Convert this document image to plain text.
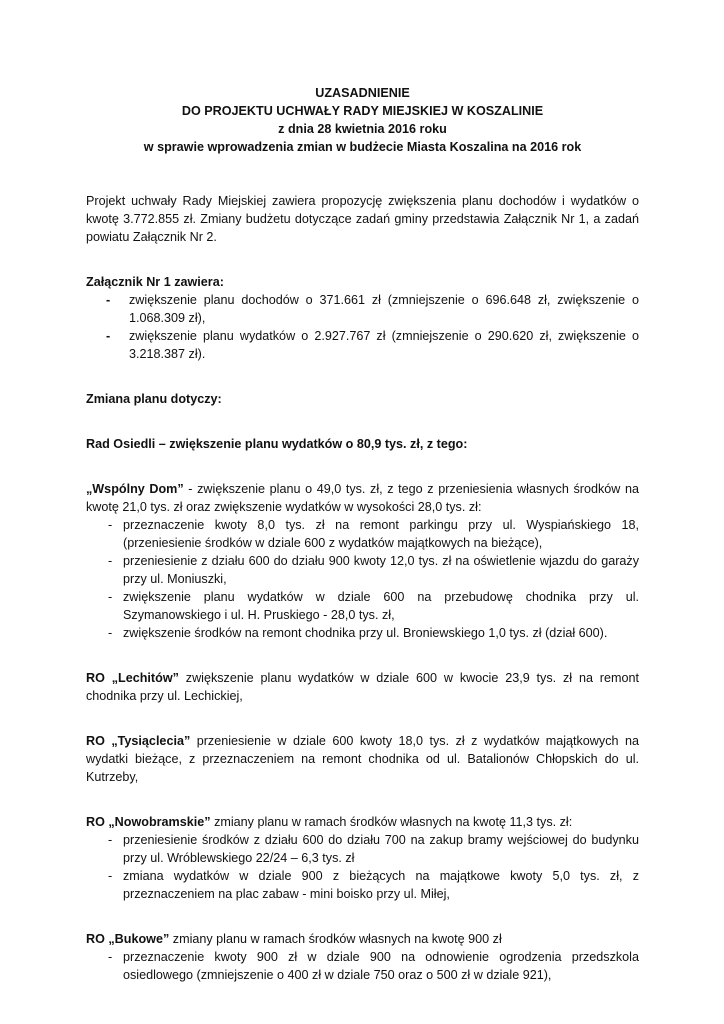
UZASADNIENIE
DO PROJEKTU UCHWAŁY RADY MIEJSKIEJ W KOSZALINIE
z dnia 28 kwietnia 2016 roku
w sprawie wprowadzenia zmian w budżecie Miasta Koszalina na 2016 rok

Projekt uchwały Rady Miejskiej zawiera propozycję zwiększenia planu dochodów i wydatków o kwotę 3.772.855 zł. Zmiany budżetu dotyczące zadań gminy przedstawia Załącznik Nr 1, a zadań powiatu Załącznik Nr 2.

Załącznik Nr 1 zawiera:

- zwiększenie planu dochodów o 371.661 zł (zmniejszenie o 696.648 zł, zwiększenie o 1.068.309 zł),
- zwiększenie planu wydatków o 2.927.767 zł (zmniejszenie o 290.620 zł, zwiększenie o 3.218.387 zł).

Zmiana planu dotyczy:

Rad Osiedli – zwiększenie planu wydatków o 80,9 tys. zł, z tego:

„Wspólny Dom” - zwiększenie planu o 49,0 tys. zł, z tego z przeniesienia własnych środków na kwotę 21,0 tys. zł oraz zwiększenie wydatków w wysokości 28,0 tys. zł:

- przeznaczenie kwoty 8,0 tys. zł na remont parkingu przy ul. Wyspiańskiego 18, (przeniesienie środków w dziale 600 z wydatków majątkowych na bieżące),
- przeniesienie z działu 600 do działu 900 kwoty 12,0 tys. zł na oświetlenie wjazdu do garaży przy ul. Moniuszki,
- zwiększenie planu wydatków w dziale 600 na przebudowę chodnika przy ul. Szymanowskiego i ul. H. Pruskiego - 28,0 tys. zł,
- zwiększenie środków na remont chodnika przy ul. Broniewskiego 1,0 tys. zł (dział 600).

RO „Lechitów” zwiększenie planu wydatków w dziale 600 w kwocie 23,9 tys. zł na remont chodnika przy ul. Lechickiej,

RO „Tysiąclecia” przeniesienie w dziale 600 kwoty 18,0 tys. zł z wydatków majątkowych na wydatki bieżące, z przeznaczeniem na remont chodnika od ul. Batalionów Chłopskich do ul. Kutrzeby,

RO „Nowobramskie” zmiany planu w ramach środków własnych na kwotę 11,3 tys. zł:

- przeniesienie środków z działu 600 do działu 700 na zakup bramy wejściowej do budynku przy ul. Wróblewskiego 22/24 – 6,3 tys. zł
- zmiana wydatków w dziale 900 z bieżących na majątkowe kwoty 5,0 tys. zł, z przeznaczeniem na plac zabaw - mini boisko przy ul. Miłej,

RO „Bukowe” zmiany planu w ramach środków własnych na kwotę 900 zł

- przeznaczenie kwoty 900 zł w dziale 900 na odnowienie ogrodzenia przedszkola osiedlowego (zmniejszenie o 400 zł w dziale 750 oraz o 500 zł w dziale 921),
